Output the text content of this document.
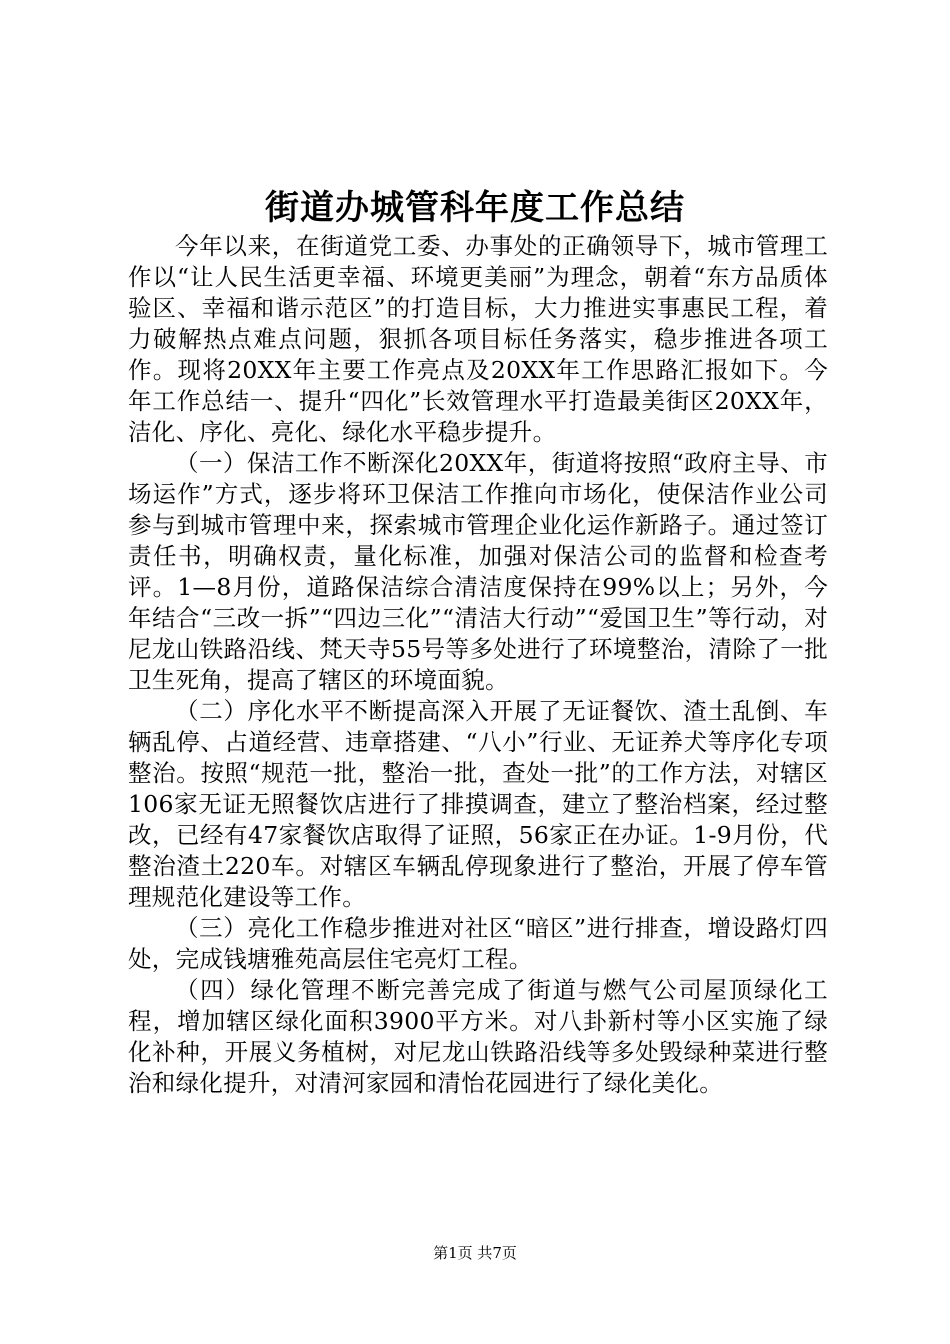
街道办城管科年度工作总结

今年以来，在街道党工委、办事处的正确领导下，城市管理工作以“让人民生活更幸福、环境更美丽”为理念，朝着“东方品质体验区、幸福和谐示范区”的打造目标，大力推进实事惠民工程，着力破解热点难点问题，狠抓各项目标任务落实，稳步推进各项工作。现将20XX年主要工作亮点及20XX年工作思路汇报如下。今年工作总结一、提升“四化”长效管理水平打造最美街区20XX年，洁化、序化、亮化、绿化水平稳步提升。

（一）保洁工作不断深化20XX年，街道将按照“政府主导、市场运作”方式，逐步将环卫保洁工作推向市场化，使保洁作业公司参与到城市管理中来，探索城市管理企业化运作新路子。通过签订责任书，明确权责，量化标准，加强对保洁公司的监督和检查考评。1—8月份，道路保洁综合清洁度保持在99%以上；另外，今年结合“三改一拆”“四边三化”“清洁大行动”“爱国卫生”等行动，对尼龙山铁路沿线、梵天寺55号等多处进行了环境整治，清除了一批卫生死角，提高了辖区的环境面貌。

（二）序化水平不断提高深入开展了无证餐饮、渣土乱倒、车辆乱停、占道经营、违章搭建、“八小”行业、无证养犬等序化专项整治。按照“规范一批，整治一批，查处一批”的工作方法，对辖区106家无证无照餐饮店进行了排摸调查，建立了整治档案，经过整改，已经有47家餐饮店取得了证照，56家正在办证。1-9月份，代整治渣土220车。对辖区车辆乱停现象进行了整治，开展了停车管理规范化建设等工作。

（三）亮化工作稳步推进对社区“暗区”进行排查，增设路灯四处，完成钱塘雅苑高层住宅亮灯工程。

（四）绿化管理不断完善完成了街道与燃气公司屋顶绿化工程，增加辖区绿化面积3900平方米。对八卦新村等小区实施了绿化补种，开展义务植树，对尼龙山铁路沿线等多处毁绿种菜进行整治和绿化提升，对清河家园和清怡花园进行了绿化美化。

第1页 共7页
